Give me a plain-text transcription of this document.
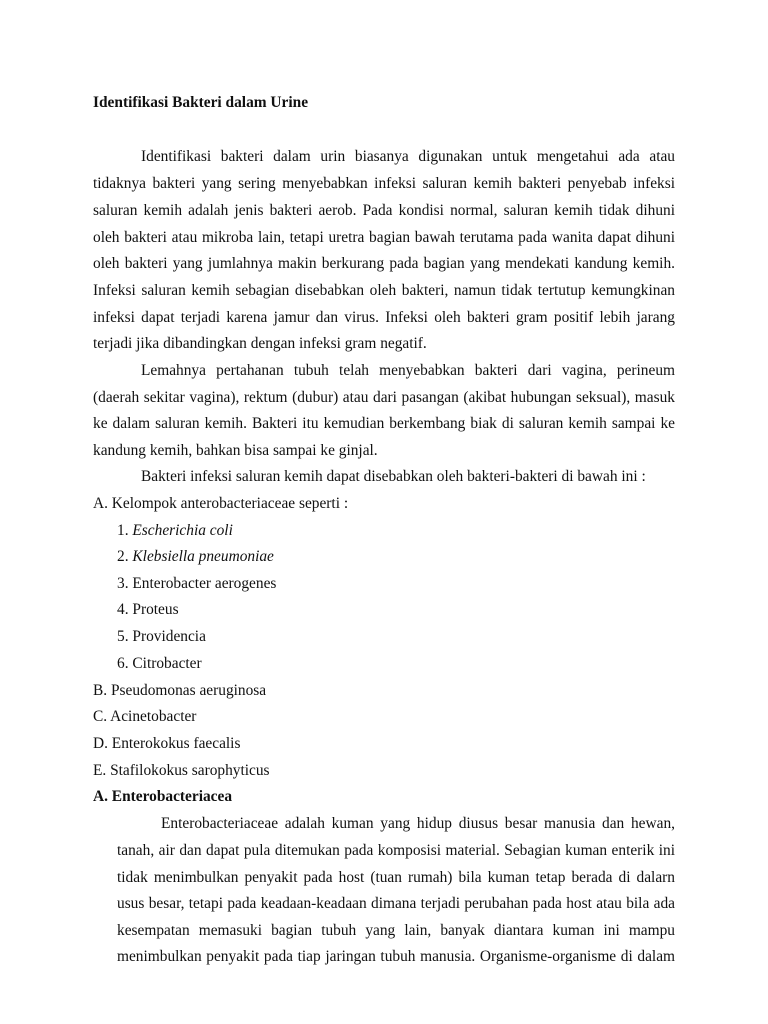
Identifikasi Bakteri dalam Urine
Identifikasi bakteri dalam urin biasanya digunakan untuk mengetahui ada atau
tidaknya bakteri yang sering menyebabkan infeksi saluran kemih bakteri penyebab infeksi
saluran kemih adalah jenis bakteri aerob. Pada kondisi normal, saluran kemih tidak dihuni
oleh bakteri atau mikroba lain, tetapi uretra bagian bawah terutama pada wanita dapat dihuni
oleh bakteri yang jumlahnya makin berkurang pada bagian yang mendekati kandung kemih.
Infeksi saluran kemih sebagian disebabkan oleh bakteri, namun tidak tertutup kemungkinan
infeksi dapat terjadi karena jamur dan virus. Infeksi oleh bakteri gram positif lebih jarang
terjadi jika dibandingkan dengan infeksi gram negatif.
Lemahnya pertahanan tubuh telah menyebabkan bakteri dari vagina, perineum
(daerah sekitar vagina), rektum (dubur) atau dari pasangan (akibat hubungan seksual), masuk
ke dalam saluran kemih. Bakteri itu kemudian berkembang biak di saluran kemih sampai ke
kandung kemih, bahkan bisa sampai ke ginjal.
Bakteri infeksi saluran kemih dapat disebabkan oleh bakteri-bakteri di bawah ini :
A. Kelompok anterobacteriaceae seperti :
1. Escherichia coli
2. Klebsiella pneumoniae
3. Enterobacter aerogenes
4. Proteus
5. Providencia
6. Citrobacter
B. Pseudomonas aeruginosa
C. Acinetobacter
D. Enterokokus faecalis
E. Stafilokokus sarophyticus
A. Enterobacteriacea
Enterobacteriaceae adalah kuman yang hidup diusus besar manusia dan hewan,
tanah, air dan dapat pula ditemukan pada komposisi material. Sebagian kuman enterik ini
tidak menimbulkan penyakit pada host (tuan rumah) bila kuman tetap berada di dalarn
usus besar, tetapi pada keadaan-keadaan dimana terjadi perubahan pada host atau bila ada
kesempatan memasuki bagian tubuh yang lain, banyak diantara kuman ini mampu
menimbulkan penyakit pada tiap jaringan tubuh manusia. Organisme-organisme di dalam
